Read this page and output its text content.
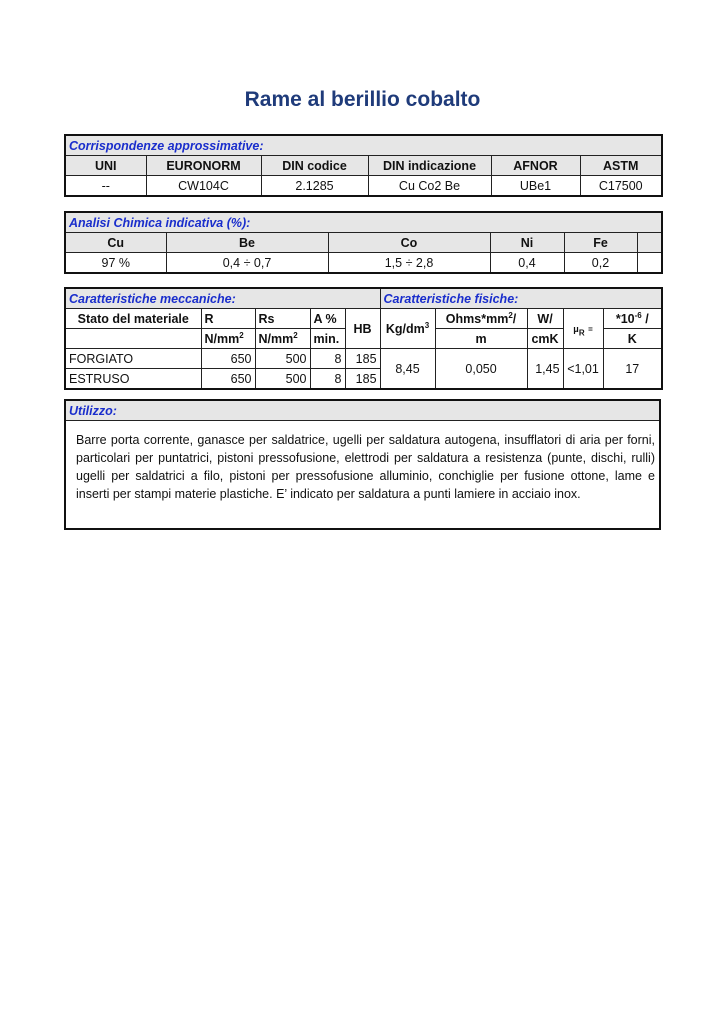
Rame al berillio cobalto
Corrispondenze approssimative:					
UNI	EURONORM	DIN codice	DIN indicazione	AFNOR	ASTM
--	CW104C	2.1285	Cu Co2 Be	UBe1	C17500
Analisi Chimica indicativa (%):					
Cu	Be	Co	Ni	Fe	
97 %	0,4 ÷ 0,7	1,5 ÷ 2,8	0,4	0,2	
Caratteristiche meccaniche:					Caratteristiche fisiche:				
Stato del materiale	R	Rs	A %	HB	$Kg/dm^3$	$Ohms*mm^2/$	W/	$\mu_R$ =	$*10^{-6}$ /
	$N/mm^2$	$N/mm^2$	min.			m	cmK		K
FORGIATO	650	500	8	185	8,45	0,050	1,45	<1,01	17
ESTRUSO	650	500	8	185					
Utilizzo:
Barre porta corrente, ganasce per saldatrice, ugelli per saldatura autogena, insufflatori di aria per forni, particolari per puntatrici, pistoni pressofusione, elettrodi per saldatura a resistenza (punte, dischi, rulli) ugelli per saldatrici a filo, pistoni per pressofusione alluminio, conchiglie per fusione ottone, lame e inserti per stampi materie plastiche. E’ indicato per saldatura a punti lamiere in acciaio inox.
